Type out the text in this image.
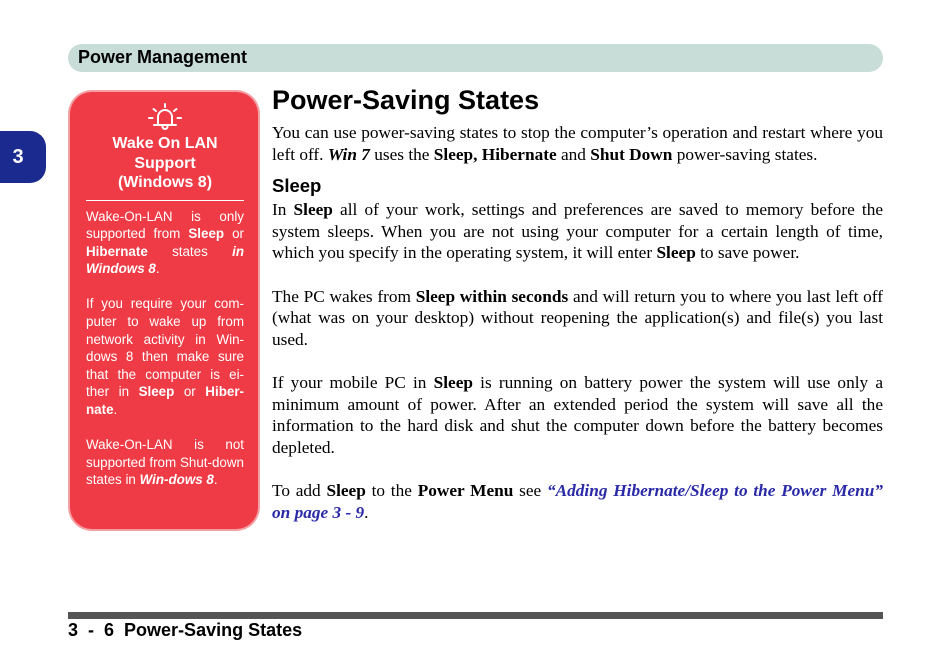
Power Management
3
Wake On LAN
Support
(Windows 8)

Wake-On-LAN is only supported from Sleep or Hibernate states in Windows 8.

If you require your com-puter to wake up from network activity in Win-dows 8 then make sure that the computer is ei-ther in Sleep or Hiber-nate.

Wake-On-LAN is not supported from Shut-down states in Win-dows 8.

Power-Saving States

You can use power-saving states to stop the computer’s operation and restart where you left off. Win 7 uses the Sleep, Hibernate and Shut Down power-saving states.

Sleep

In Sleep all of your work, settings and preferences are saved to memory before the system sleeps. When you are not using your computer for a certain length of time, which you specify in the operating system, it will enter Sleep to save power.

The PC wakes from Sleep within seconds and will return you to where you last left off (what was on your desktop) without reopening the application(s) and file(s) you last used.

If your mobile PC in Sleep is running on battery power the system will use only a minimum amount of power. After an extended period the system will save all the information to the hard disk and shut the computer down before the battery becomes depleted.

To add Sleep to the Power Menu see “Adding Hibernate/Sleep to the Power Menu” on page 3 - 9.

3  -  6 Power-Saving States
